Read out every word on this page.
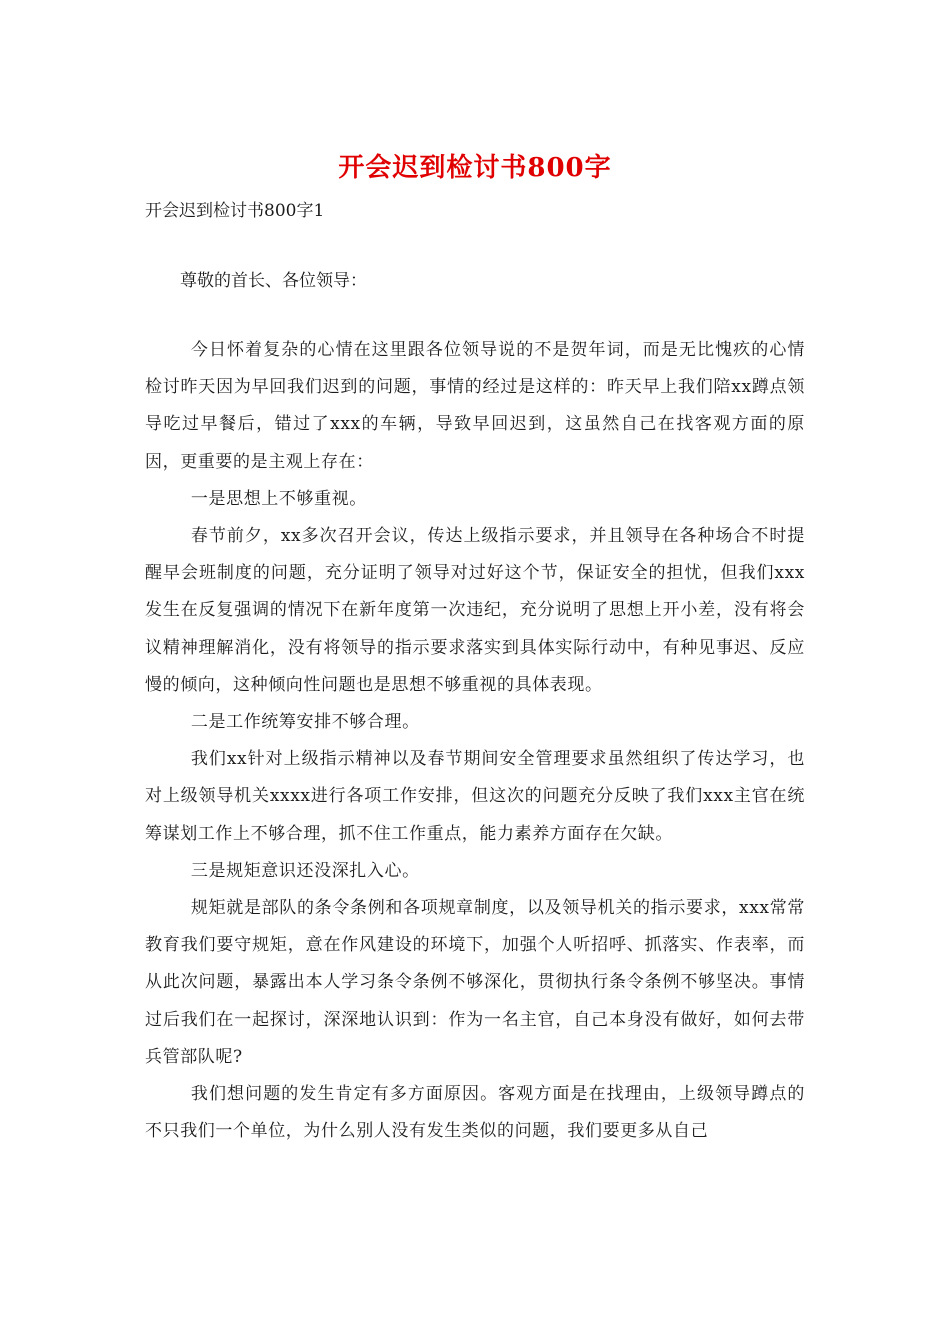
开会迟到检讨书800字
开会迟到检讨书800字1
尊敬的首长、各位领导：

今日怀着复杂的心情在这里跟各位领导说的不是贺年词，而是无比愧疚的心情检讨昨天因为早回我们迟到的问题，事情的经过是这样的：昨天早上我们陪xx蹲点领导吃过早餐后，错过了xxx的车辆，导致早回迟到，这虽然自己在找客观方面的原因，更重要的是主观上存在：

一是思想上不够重视。

春节前夕，xx多次召开会议，传达上级指示要求，并且领导在各种场合不时提醒早会班制度的问题，充分证明了领导对过好这个节，保证安全的担忧，但我们xxx发生在反复强调的情况下在新年度第一次违纪，充分说明了思想上开小差，没有将会议精神理解消化，没有将领导的指示要求落实到具体实际行动中，有种见事迟、反应慢的倾向，这种倾向性问题也是思想不够重视的具体表现。

二是工作统筹安排不够合理。

我们xx针对上级指示精神以及春节期间安全管理要求虽然组织了传达学习，也对上级领导机关xxxx进行各项工作安排，但这次的问题充分反映了我们xxx主官在统筹谋划工作上不够合理，抓不住工作重点，能力素养方面存在欠缺。

三是规矩意识还没深扎入心。

规矩就是部队的条令条例和各项规章制度，以及领导机关的指示要求，xxx常常教育我们要守规矩，意在作风建设的环境下，加强个人听招呼、抓落实、作表率，而从此次问题，暴露出本人学习条令条例不够深化，贯彻执行条令条例不够坚决。事情过后我们在一起探讨，深深地认识到：作为一名主官，自己本身没有做好，如何去带兵管部队呢?

我们想问题的发生肯定有多方面原因。客观方面是在找理由，上级领导蹲点的不只我们一个单位，为什么别人没有发生类似的问题，我们要更多从自己
